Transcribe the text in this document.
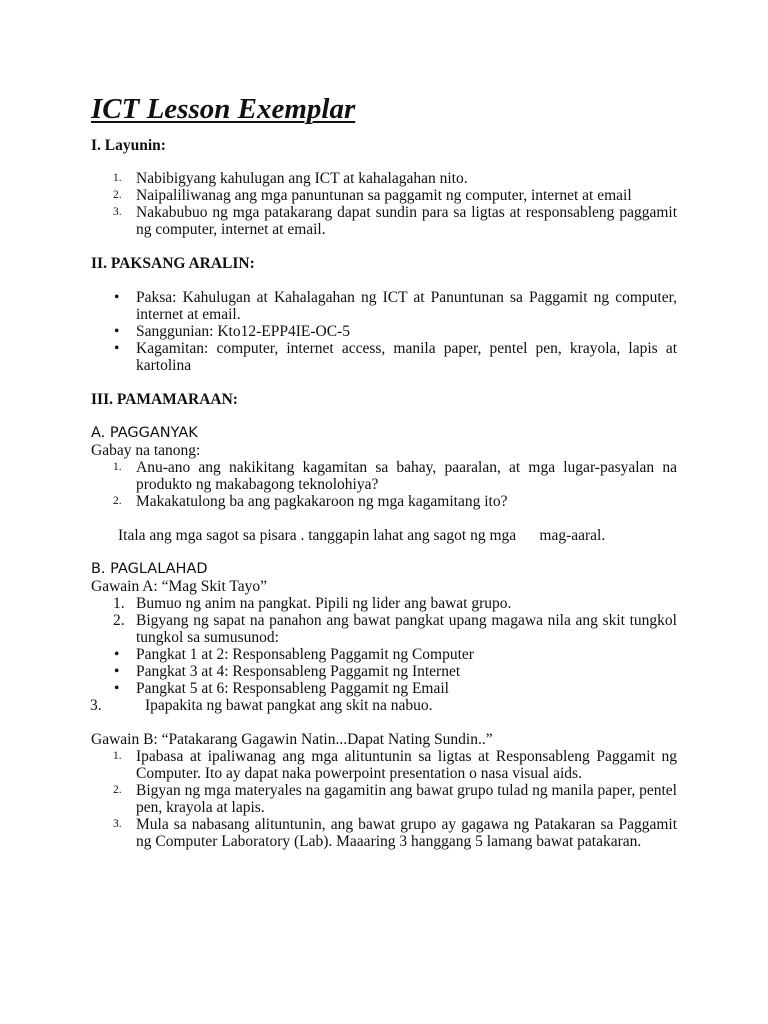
ICT Lesson Exemplar

I. Layunin:

1. Nabibigyang kahulugan ang ICT at kahalagahan nito.
2. Naipaliliwanag ang mga panuntunan sa paggamit ng computer, internet at email
3. Nakabubuo ng mga patakarang dapat sundin para sa ligtas at responsableng paggamit ng computer, internet at email.

II. PAKSANG ARALIN:

• Paksa: Kahulugan at Kahalagahan ng ICT at Panuntunan sa Paggamit ng computer, internet at email.
• Sanggunian: Kto12-EPP4IE-OC-5
• Kagamitan: computer, internet access, manila paper, pentel pen, krayola, lapis at kartolina

III. PAMAMARAAN:

A. PAGGANYAK

Gabay na tanong:

1. Anu-ano ang nakikitang kagamitan sa bahay, paaralan, at mga lugar-pasyalan na produkto ng makabagong teknolohiya?
2. Makakatulong ba ang pagkakaroon ng mga kagamitang ito?

Itala ang mga sagot sa pisara . tanggapin lahat ang sagot ng mga      mag-aaral.

B. PAGLALAHAD

Gawain A: “Mag Skit Tayo”

1. Bumuo ng anim na pangkat. Pipili ng lider ang bawat grupo.
2. Bigyang ng sapat na panahon ang bawat pangkat upang magawa nila ang skit tungkol tungkol sa sumusunod:
• Pangkat 1 at 2: Responsableng Paggamit ng Computer
• Pangkat 3 at 4: Responsableng Paggamit ng Internet
• Pangkat 5 at 6: Responsableng Paggamit ng Email
3.	Ipapakita ng bawat pangkat ang skit na nabuo.

Gawain B: “Patakarang Gagawin Natin...Dapat Nating Sundin..”

1. Ipabasa at ipaliwanag ang mga alituntunin sa ligtas at Responsableng Paggamit ng Computer. Ito ay dapat naka powerpoint presentation o nasa visual aids.
2. Bigyan ng mga materyales na gagamitin ang bawat grupo tulad ng manila paper, pentel pen, krayola at lapis.
3. Mula sa nabasang alituntunin, ang bawat grupo ay gagawa ng Patakaran sa Paggamit ng Computer Laboratory (Lab). Maaaring 3 hanggang 5 lamang bawat patakaran.
